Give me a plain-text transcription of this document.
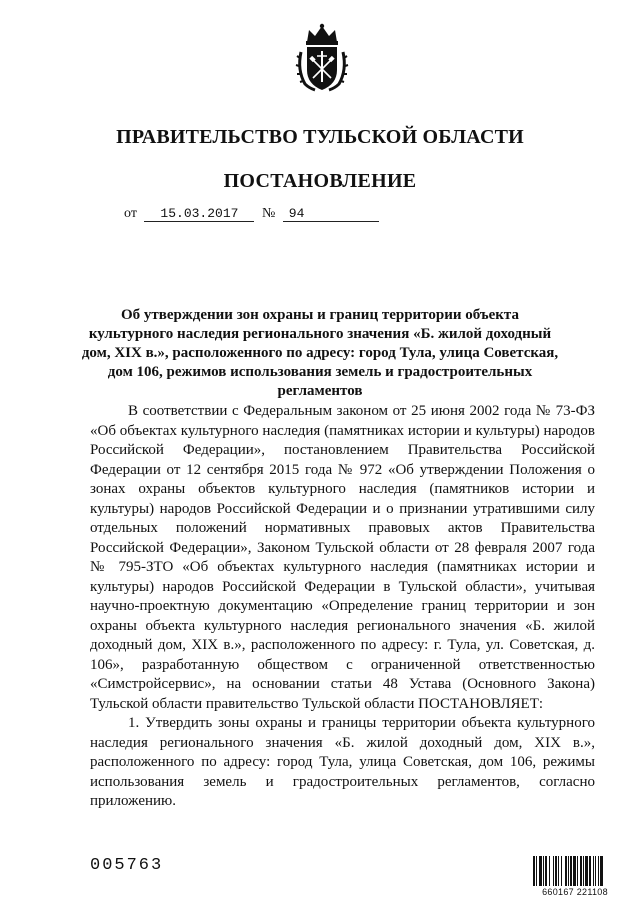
ПРАВИТЕЛЬСТВО ТУЛЬСКОЙ ОБЛАСТИ
ПОСТАНОВЛЕНИЕ
от 15.03.2017 № 94
Об утверждении зон охраны и границ территории объекта культурного наследия регионального значения «Б. жилой доходный дом, XIX в.», расположенного по адресу: город Тула, улица Советская, дом 106, режимов использования земель и градостроительных регламентов

В соответствии с Федеральным законом от 25 июня 2002 года № 73-ФЗ «Об объектах культурного наследия (памятниках истории и культуры) народов Российской Федерации», постановлением Правительства Российской Федерации от 12 сентября 2015 года № 972 «Об утверждении Положения о зонах охраны объектов культурного наследия (памятников истории и культуры) народов Российской Федерации и о признании утратившими силу отдельных положений нормативных правовых актов Правительства Российской Федерации», Законом Тульской области от 28 февраля 2007 года № 795-ЗТО «Об объектах культурного наследия (памятниках истории и культуры) народов Российской Федерации в Тульской области», учитывая научно-проектную документацию «Определение границ территории и зон охраны объекта культурного наследия регионального значения «Б. жилой доходный дом, XIX в.», расположенного по адресу: г. Тула, ул. Советская, д. 106», разработанную обществом с ограниченной ответственностью «Симстройсервис», на основании статьи 48 Устава (Основного Закона) Тульской области правительство Тульской области ПОСТАНОВЛЯЕТ:

1. Утвердить зоны охраны и границы территории объекта культурного наследия регионального значения «Б. жилой доходный дом, XIX в.», расположенного по адресу: город Тула, улица Советская, дом 106, режимы использования земель и градостроительных регламентов, согласно приложению.

005763
660167 221108
